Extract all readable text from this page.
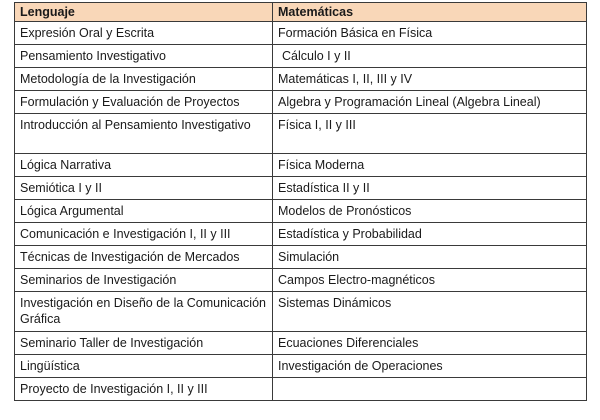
Lenguaje	Matemáticas
Expresión Oral y Escrita	Formación Básica en Física
Pensamiento Investigativo	Cálculo I y II
Metodología de la Investigación	Matemáticas I, II, III y IV
Formulación y Evaluación de Proyectos	Algebra y Programación Lineal (Algebra Lineal)
Introducción al Pensamiento Investigativo	Física I, II y III
Lógica Narrativa	Física Moderna
Semiótica I y II	Estadística II y II
Lógica Argumental	Modelos de Pronósticos
Comunicación e Investigación I, II y III	Estadística y Probabilidad
Técnicas de Investigación de Mercados	Simulación
Seminarios de Investigación	Campos Electro-magnéticos
Investigación en Diseño de la Comunicación Gráfica	Sistemas Dinámicos
Seminario Taller de Investigación	Ecuaciones Diferenciales
Lingüística	Investigación de Operaciones
Proyecto de Investigación I, II y III	
